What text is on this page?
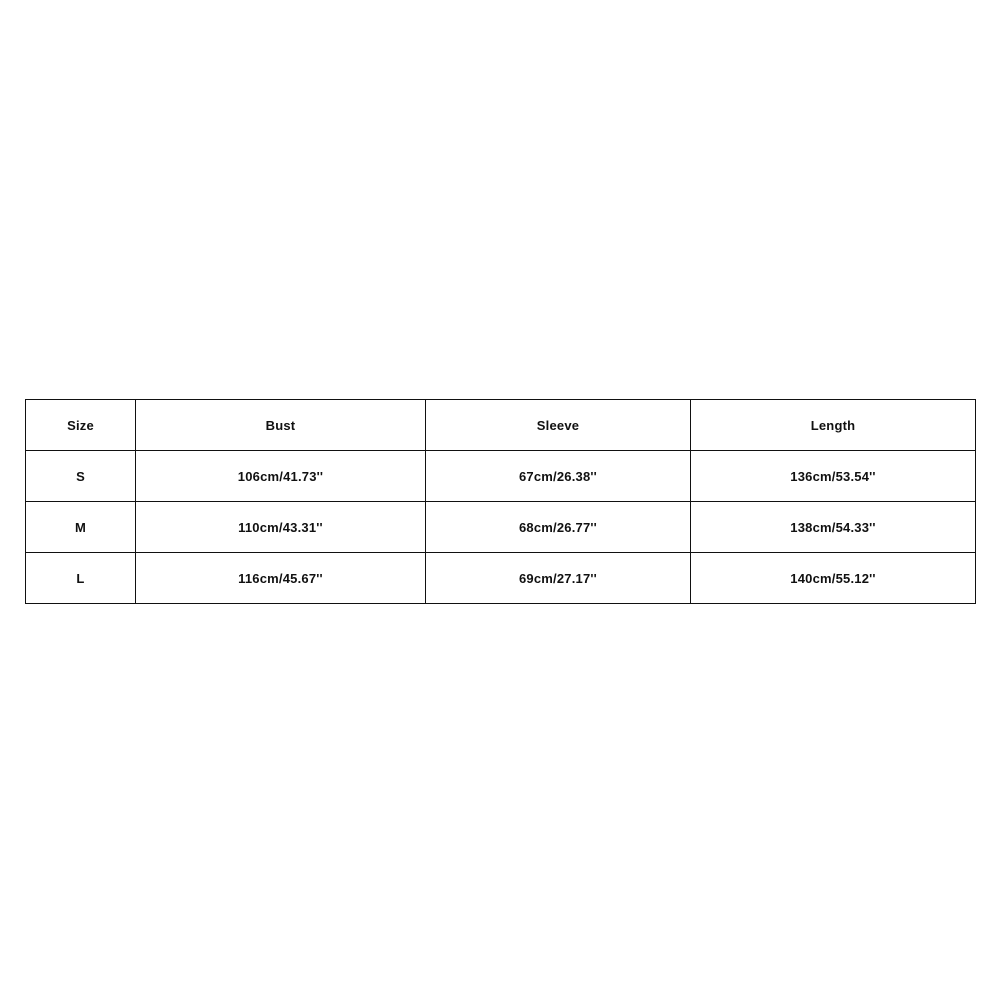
Size	Bust	Sleeve	Length
S	106cm/41.73''	67cm/26.38''	136cm/53.54''
M	110cm/43.31''	68cm/26.77''	138cm/54.33''
L	116cm/45.67''	69cm/27.17''	140cm/55.12''
